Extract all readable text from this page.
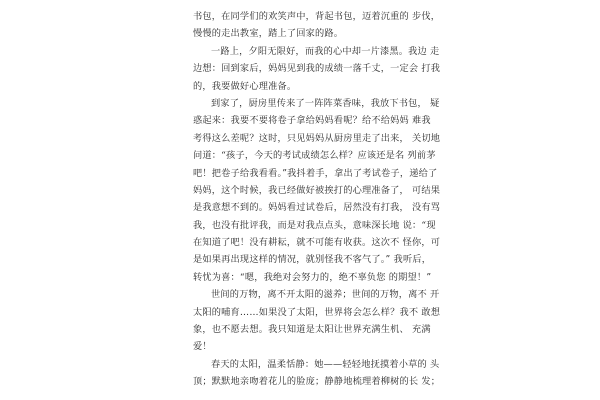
书包，在同学们的欢笑声中，背起书包，迈着沉重的 步伐，
慢慢的走出教室，踏上了回家的路。
一路上，夕阳无限好，而我的心中却一片漆黑。我边 走
边想：回到家后，妈妈见到我的成绩一落千丈，一定会 打我
的，我要做好心理准备。
到家了，厨房里传来了一阵阵菜香味，我放下书包， 疑
惑起来：我要不要将卷子拿给妈妈看呢？给不给妈妈 难我
考得这么差呢？这时，只见妈妈从厨房里走了出来， 关切地
问道：“孩子，今天的考试成绩怎么样？应该还是名 列前茅
吧！把卷子给我看看。”我抖着手，拿出了考试卷子，递给了
妈妈，这个时候，我已经做好被挨打的心理准备了， 可结果
是我意想不到的。妈妈看过试卷后，居然没有打我， 没有骂
我，也没有批评我，而是对我点点头，意味深长地 说：“现
在知道了吧！没有耕耘，就不可能有收获。这次不 怪你，可
是如果再出现这样的情况，就别怪我不客气了。” 我听后，
转忧为喜：“嗯，我绝对会努力的，绝不辜负您 的期望！”
世间的万物，离不开太阳的滋养；世间的万物，离不 开
太阳的哺育……如果没了太阳，世界将会怎么样？我不 敢想
象，也不愿去想。我只知道是太阳让世界充满生机、 充满
爱！
春天的太阳，温柔恬静：她——轻轻地抚摸着小草的 头
顶；默默地亲吻着花儿的脸庞；静静地梳理着柳树的长 发；
